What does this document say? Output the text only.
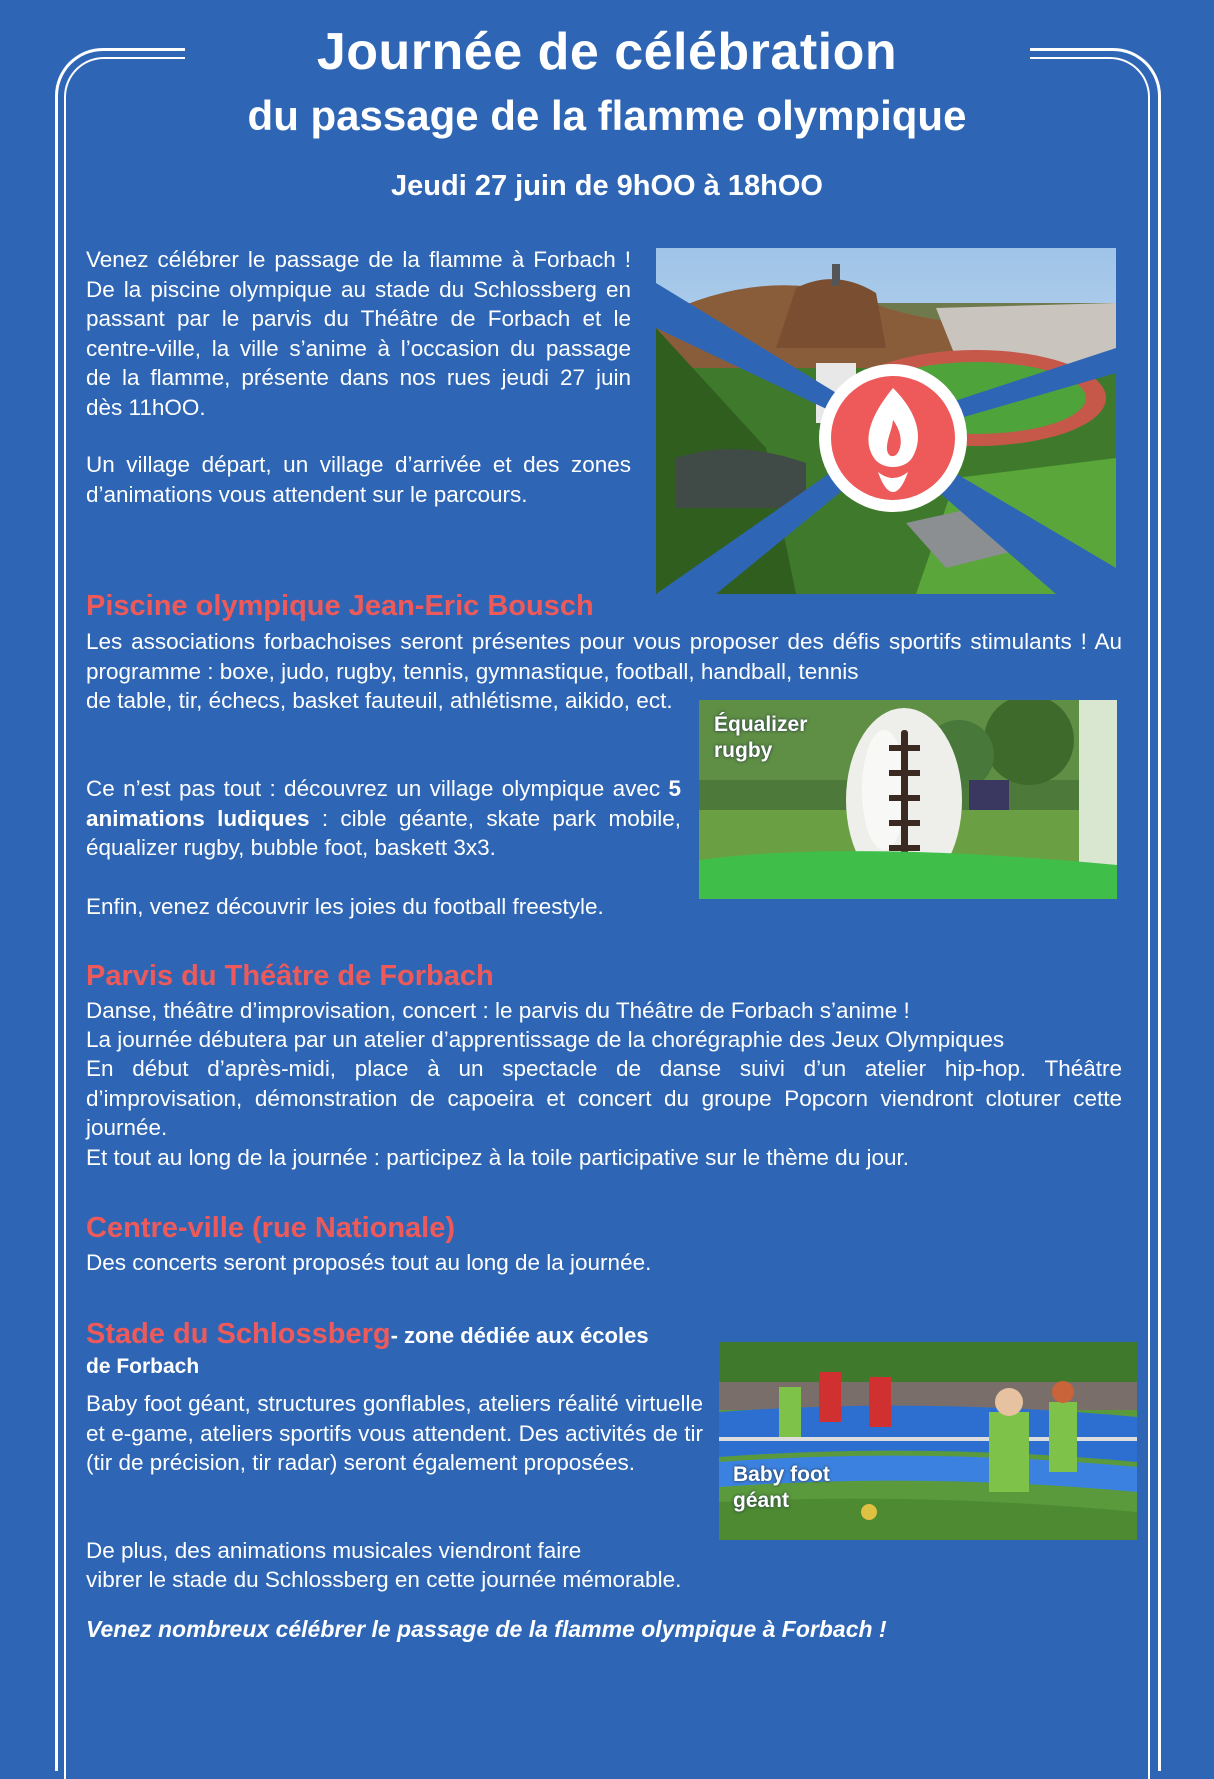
Journée de célébration
du passage de la flamme olympique
Jeudi 27 juin de 9hOO à 18hOO

Venez célébrer le passage de la flamme à Forbach ! De la piscine olympique au stade du Schlossberg en passant par le parvis du Théâtre de Forbach et le centre-ville, la ville s’anime à l’occasion du passage de la flamme, présente dans nos rues jeudi 27 juin dès 11hOO.

Un village départ, un village d’arrivée et des zones d’animations vous attendent sur le parcours.

Piscine olympique Jean-Eric Bousch

Les associations forbachoises seront présentes pour vous proposer des défis sportifs stimulants ! Au programme : boxe, judo, rugby, tennis, gymnastique, football, handball, tennis

de table, tir, échecs, basket fauteuil, athlétisme, aikido, ect.

Ce n’est pas tout : découvrez un village olympique avec 5 animations ludiques : cible géante, skate park mobile, équalizer rugby, bubble foot, baskett 3x3.

Enfin, venez découvrir les joies du football freestyle.

Équalizer
rugby
Parvis du Théâtre de Forbach

Danse, théâtre d’improvisation, concert : le parvis du Théâtre de Forbach s’anime !

La journée débutera par un atelier d’apprentissage de la chorégraphie des Jeux Olympiques

En début d’après-midi, place à un spectacle de danse suivi d’un atelier hip-hop. Théâtre d’improvisation, démonstration de capoeira et concert du groupe Popcorn viendront cloturer cette journée.

Et tout au long de la journée : participez à la toile participative sur le thème du jour.

Centre-ville (rue Nationale)

Des concerts seront proposés tout au long de la journée.

Stade du Schlossberg- zone dédiée aux écoles

de Forbach

Baby foot géant, structures gonflables, ateliers réalité virtuelle et e-game, ateliers sportifs vous attendent. Des activités de tir (tir de précision, tir radar) seront également proposées.

De plus, des animations musicales viendront faire

vibrer le stade du Schlossberg en cette journée mémorable.

Baby foot
géant

Venez nombreux célébrer le passage de la flamme olympique à Forbach !
